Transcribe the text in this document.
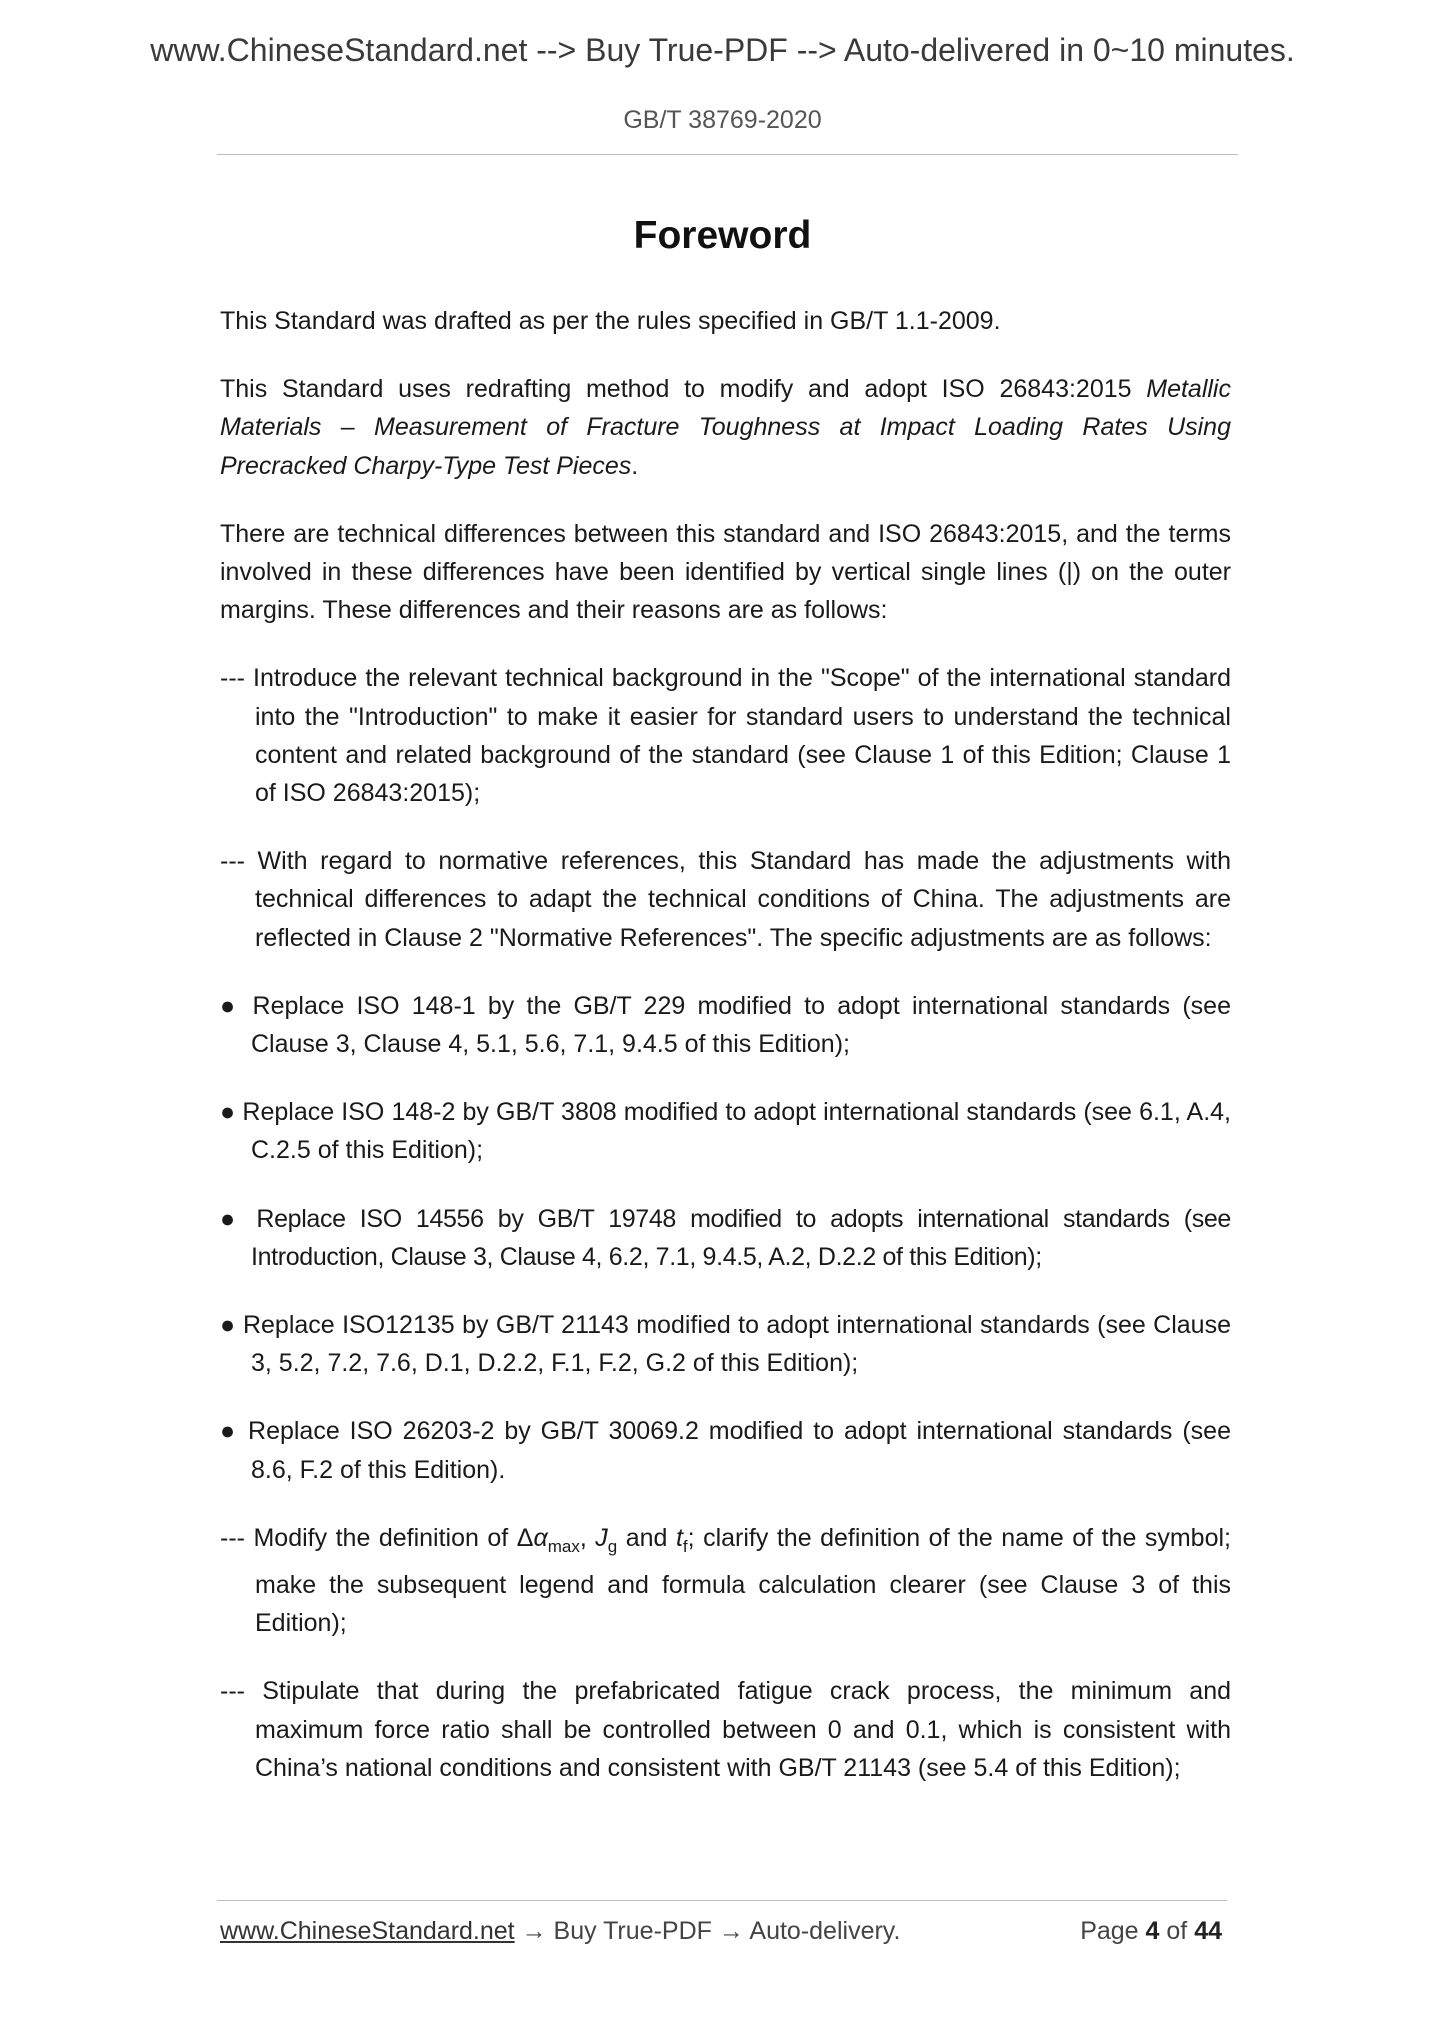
www.ChineseStandard.net --> Buy True-PDF --> Auto-delivered in 0~10 minutes.
GB/T 38769-2020
Foreword

This Standard was drafted as per the rules specified in GB/T 1.1-2009.

This Standard uses redrafting method to modify and adopt ISO 26843:2015 Metallic Materials – Measurement of Fracture Toughness at Impact Loading Rates Using Precracked Charpy-Type Test Pieces.

There are technical differences between this standard and ISO 26843:2015, and the terms involved in these differences have been identified by vertical single lines (|) on the outer margins. These differences and their reasons are as follows:

--- Introduce the relevant technical background in the "Scope" of the international standard into the "Introduction" to make it easier for standard users to understand the technical content and related background of the standard (see Clause 1 of this Edition; Clause 1 of ISO 26843:2015);

--- With regard to normative references, this Standard has made the adjustments with technical differences to adapt the technical conditions of China. The adjustments are reflected in Clause 2 "Normative References". The specific adjustments are as follows:

● Replace ISO 148-1 by the GB/T 229 modified to adopt international standards (see Clause 3, Clause 4, 5.1, 5.6, 7.1, 9.4.5 of this Edition);

● Replace ISO 148-2 by GB/T 3808 modified to adopt international standards (see 6.1, A.4, C.2.5 of this Edition);

● Replace ISO 14556 by GB/T 19748 modified to adopts international standards (see Introduction, Clause 3, Clause 4, 6.2, 7.1, 9.4.5, A.2, D.2.2 of this Edition);

● Replace ISO12135 by GB/T 21143 modified to adopt international standards (see Clause 3, 5.2, 7.2, 7.6, D.1, D.2.2, F.1, F.2, G.2 of this Edition);

● Replace ISO 26203-2 by GB/T 30069.2 modified to adopt international standards (see 8.6, F.2 of this Edition).

--- Modify the definition of $\Delta\alpha_{max}$, $J_g$ and $t_f$; clarify the definition of the name of the symbol; make the subsequent legend and formula calculation clearer (see Clause 3 of this Edition);

--- Stipulate that during the prefabricated fatigue crack process, the minimum and maximum force ratio shall be controlled between 0 and 0.1, which is consistent with China’s national conditions and consistent with GB/T 21143 (see 5.4 of this Edition);

www.ChineseStandard.net → Buy True-PDF → Auto-delivery.	Page 4 of 44
